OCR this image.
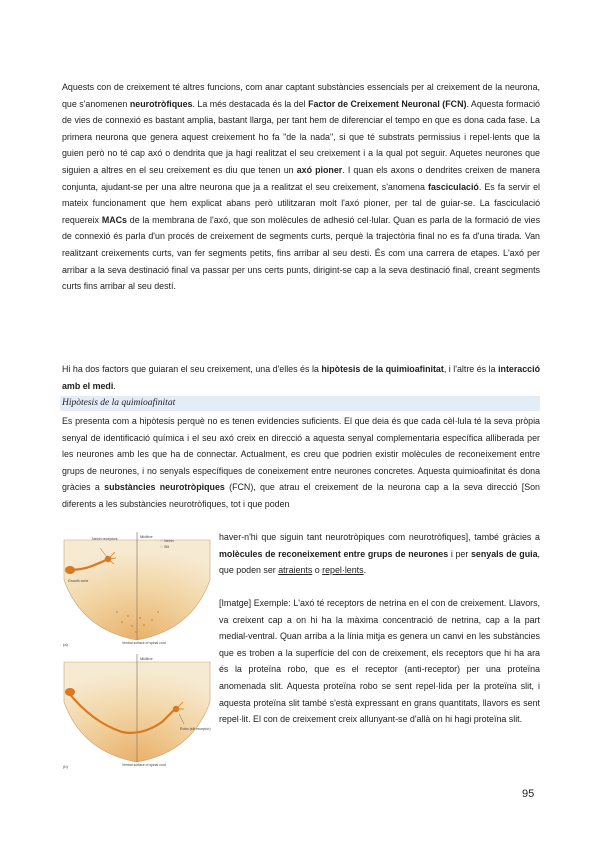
Aquests con de creixement té altres funcions, com anar captant substàncies essencials per al creixement de la neurona, que s'anomenen neurotròfiques. La més destacada és la del Factor de Creixement Neuronal (FCN). Aquesta formació de vies de connexió es bastant amplia, bastant llarga, per tant hem de diferenciar el tempo en que es dona cada fase. La primera neurona que genera aquest creixement ho fa "de la nada", si que té substrats permissius i repel·lents que la guien però no té cap axó o dendrita que ja hagi realitzat el seu creixement i a la qual pot seguir. Aquetes neurones que siguien a altres en el seu creixement es diu que tenen un axó pioner. I quan els axons o dendrites creixen de manera conjunta, ajudant-se per una altre neurona que ja a realitzat el seu creixement, s'anomena fasciculació. Es fa servir el mateix funcionament que hem explicat abans però utilitzaran molt l'axó pioner, per tal de guiar-se. La fasciculació requereix MACs de la membrana de l'axó, que son molècules de adhesió cel·lular. Quan es parla de la formació de vies de connexió és parla d'un procés de creixement de segments curts, perquè la trajectòria final no es fa d'una tirada. Van realitzant creixements curts, van fer segments petits, fins arribar al seu desti. És com una carrera de etapes. L'axó per arribar a la seva destinació final va passar per uns certs punts, dirigint-se cap a la seva destinació final, creant segments curts fins arribar al seu destí.

Hi ha dos factors que guiaran el seu creixement, una d'elles és la hipòtesis de la quimioafinitat, i l'altre és la interacció amb el medi.

Hipòtesis de la quimioafinitat

Es presenta com a hipòtesis perquè no es tenen evidencies suficients. El que deia és que cada cèl·lula té la seva pròpia senyal de identificació química i el seu axó creix en direcció a aquesta senyal complementaria específica alliberada per les neurones amb les que ha de connectar. Actualment, es creu que podrien existir molècules de reconeixement entre grups de neurones, i no senyals específiques de coneixement entre neurones concretes. Aquesta quimioafinitat és dona gràcies a substàncies neurotròpiques (FCN), que atrau el creixement de la neurona cap a la seva direcció [Son diferents a les substàncies neurotròfiques, tot i que poden

haver-n'hi que siguin tant neurotròpiques com neurotròfiques], també gràcies a molècules de reconeixement entre grups de neurones i per senyals de guia, que poden ser atraients o repel·lents.

[Imatge] Exemple: L'axó té receptors de netrina en el con de creixement. Llavors, va creixent cap a on hi ha la màxima concentració de netrina, cap a la part medial-ventral. Quan arriba a la línia mitja es genera un canvi en les substàncies que es troben a la superfície del con de creixement, els receptors que hi ha ara és la proteïna robo, que es el receptor (anti-receptor) per una proteïna anomenada slit. Aquesta proteïna robo se sent repel·lida per la proteïna slit, i aquesta proteïna slit també s'està expressant en grans quantitats, llavors es sent repel·lit. El con de creixement creix allunyant-se d'allà on hi hagi proteïna slit.

Midline
Netrin receptors
Growth cone
⁙ Netrin
⁙ Slit
Ventral surface of spinal cord
(a)
Midline
Robo (slit receptor)
Ventral surface of spinal cord
(b)
95
